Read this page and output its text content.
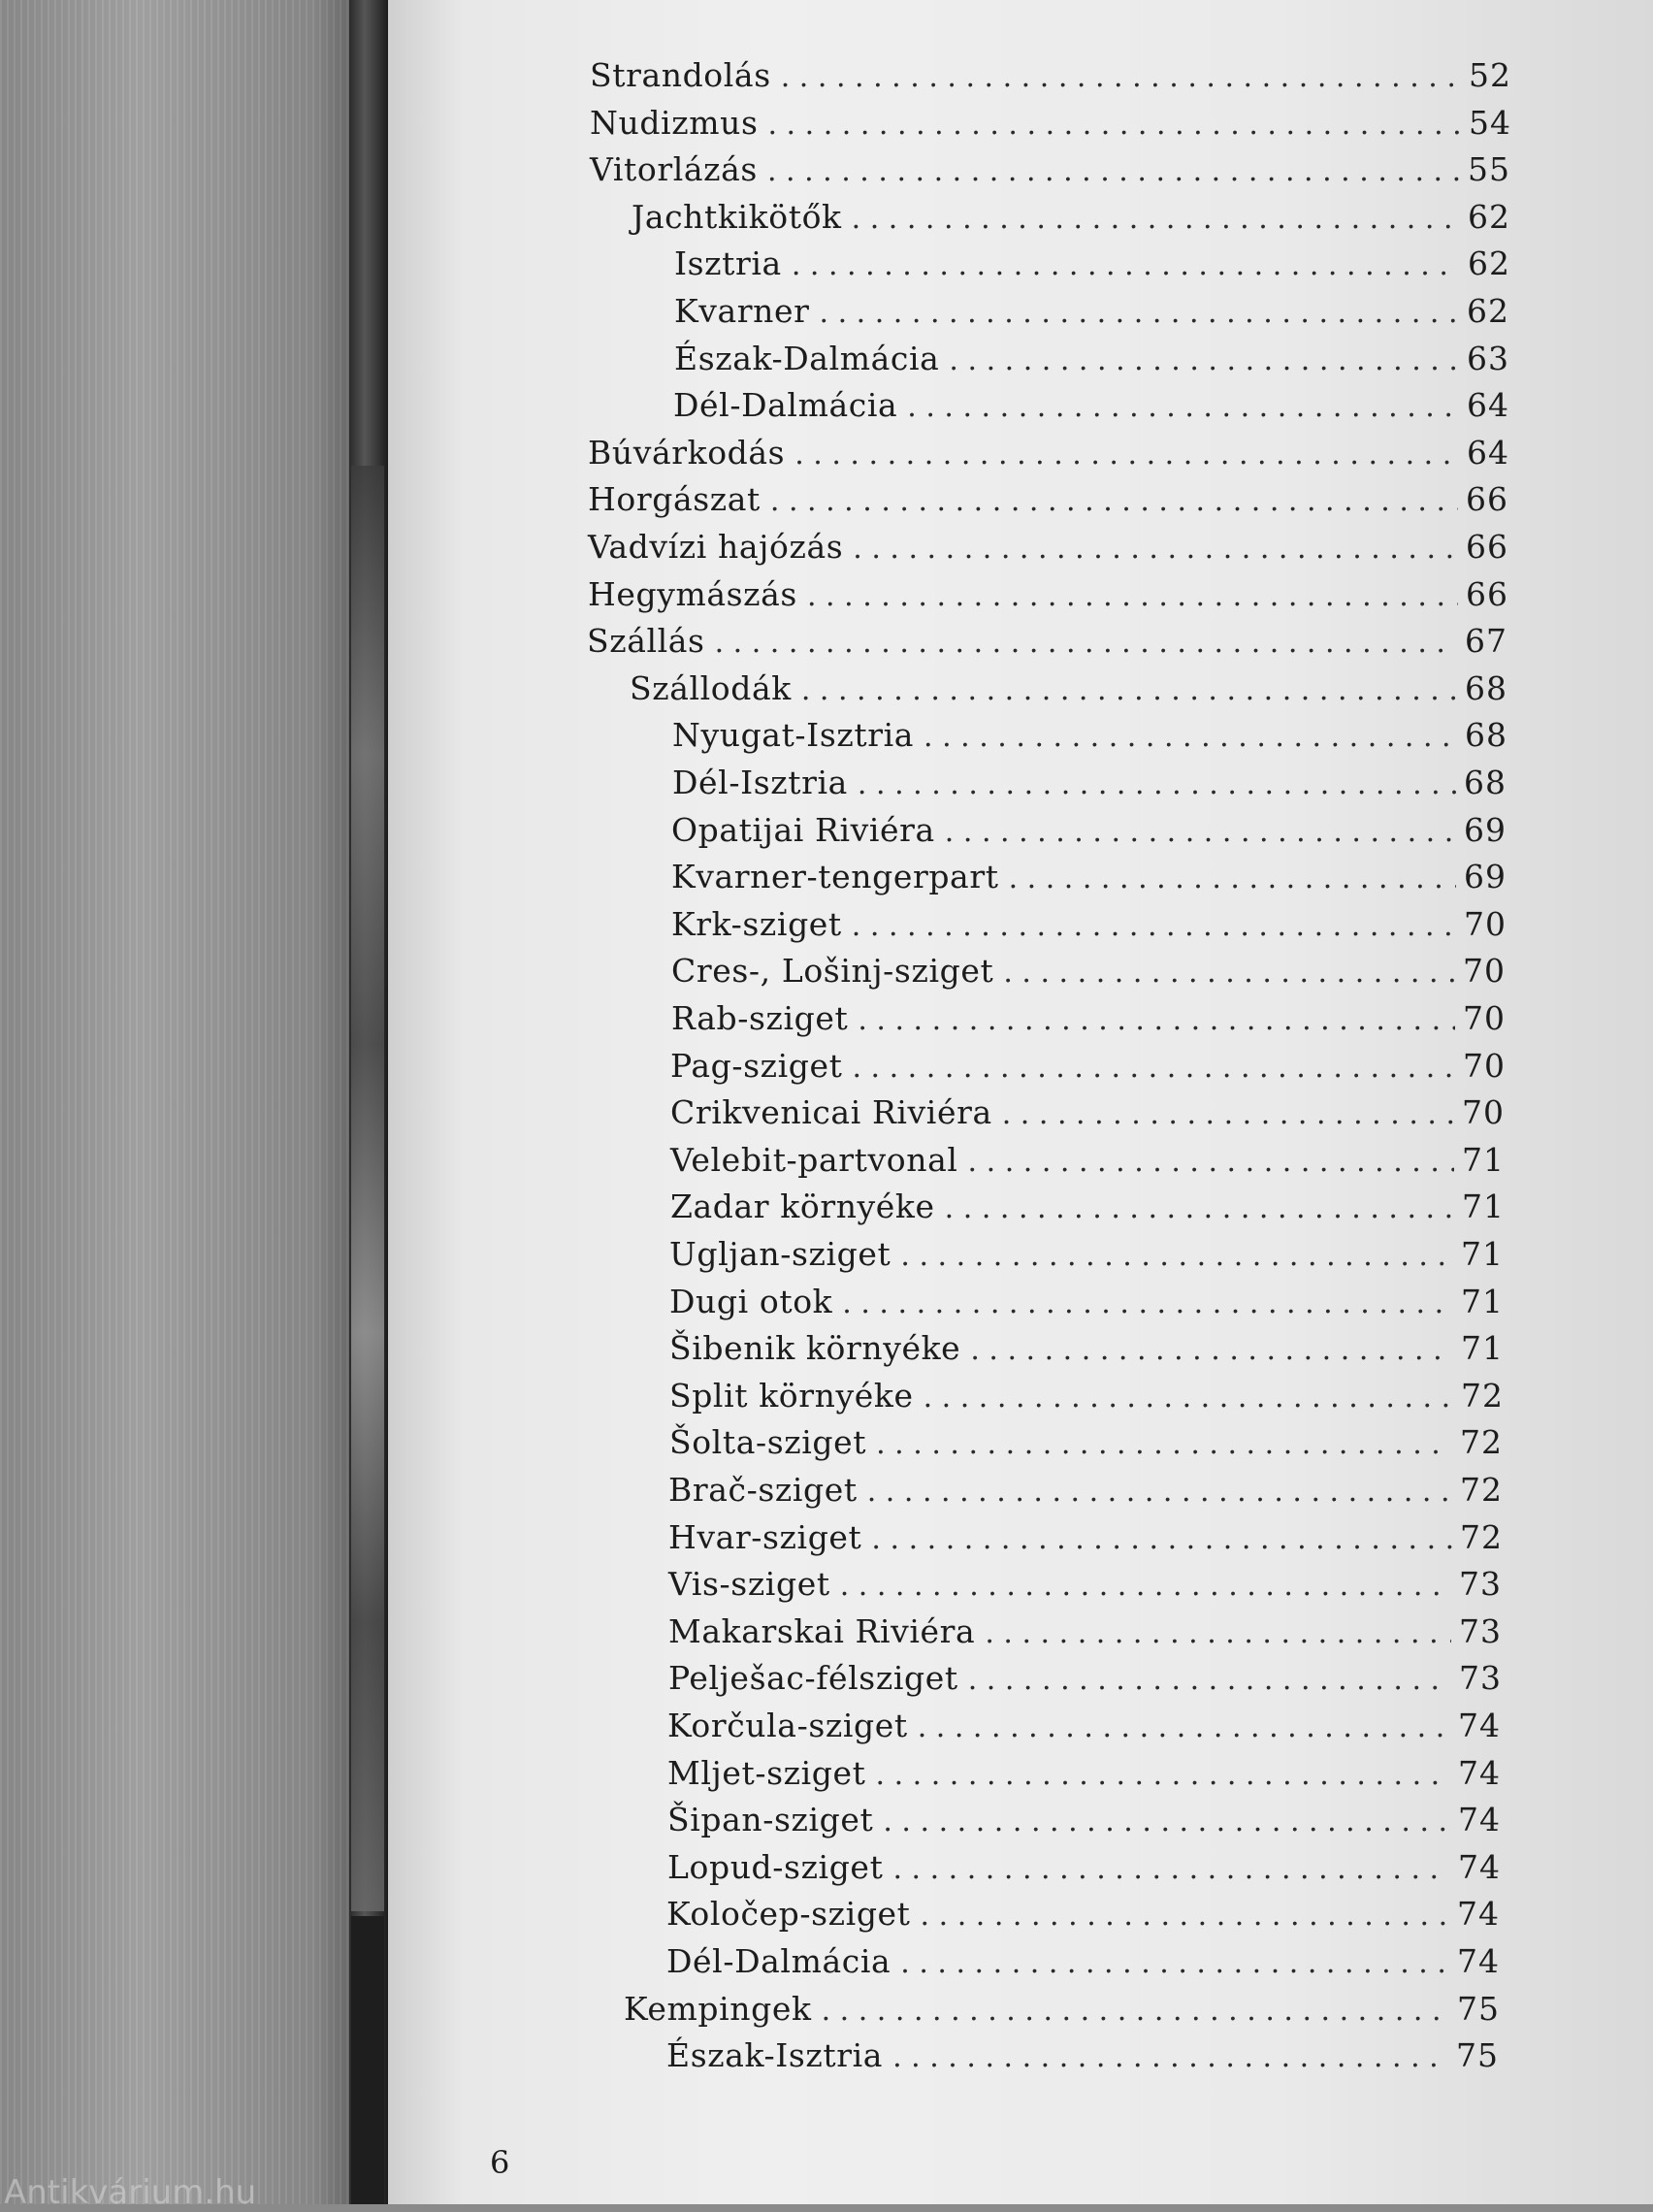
Antikvárium.hu
Strandolás . . .	52
Nudizmus . . .	54
Vitorlázás . . .	55
Jachtkikötők . . .	62
Isztria . . .	62
Kvarner . . .	62
Észak-Dalmácia . . .	63
Dél-Dalmácia . . .	64
Búvárkodás . . .	64
Horgászat . . .	66
Vadvízi hajózás . . .	66
Hegymászás . . .	66
Szállás . . .	67
Szállodák . . .	68
Nyugat-Isztria . . .	68
Dél-Isztria . . .	68
Opatijai Riviéra . . .	69
Kvarner-tengerpart . . .	69
Krk-sziget . . .	70
Cres-, Lošinj-sziget . . .	70
Rab-sziget . . .	70
Pag-sziget . . .	70
Crikvenicai Riviéra . . .	70
Velebit-partvonal . . .	71
Zadar környéke . . .	71
Ugljan-sziget . . .	71
Dugi otok . . .	71
Šibenik környéke . . .	71
Split környéke . . .	72
Šolta-sziget . . .	72
Brač-sziget . . .	72
Hvar-sziget . . .	72
Vis-sziget . . .	73
Makarskai Riviéra . . .	73
Pelješac-félsziget . . .	73
Korčula-sziget . . .	74
Mljet-sziget . . .	74
Šipan-sziget . . .	74
Lopud-sziget . . .	74
Koločep-sziget . . .	74
Dél-Dalmácia . . .	74
Kempingek . . .	75
Észak-Isztria . . .	75
6
